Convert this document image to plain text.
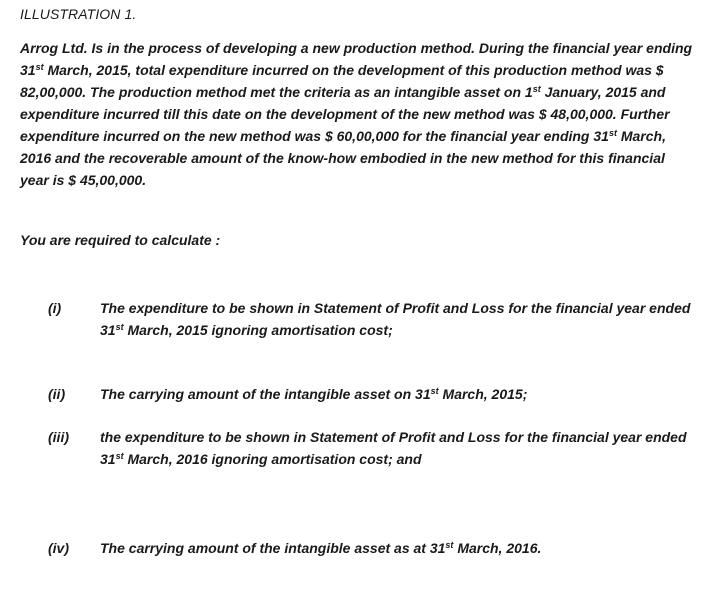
ILLUSTRATION 1.
Arrog Ltd. Is in the process of developing a new production method. During the financial year ending
31st March, 2015, total expenditure incurred on the development of this production method was $
82,00,000. The production method met the criteria as an intangible asset on 1st January, 2015 and
expenditure incurred till this date on the development of the new method was $ 48,00,000. Further
expenditure incurred on the new method was $ 60,00,000 for the financial year ending 31st March,
2016 and the recoverable amount of the know-how embodied in the new method for this financial
year is $ 45,00,000.
You are required to calculate :
(i)	The expenditure to be shown in Statement of Profit and Loss for the financial year ended
31st March, 2015 ignoring amortisation cost;
(ii) The carrying amount of the intangible asset on 31st March, 2015;
(iii) the expenditure to be shown in Statement of Profit and Loss for the financial year ended
31st March, 2016 ignoring amortisation cost; and
(iv) The carrying amount of the intangible asset as at 31st March, 2016.
